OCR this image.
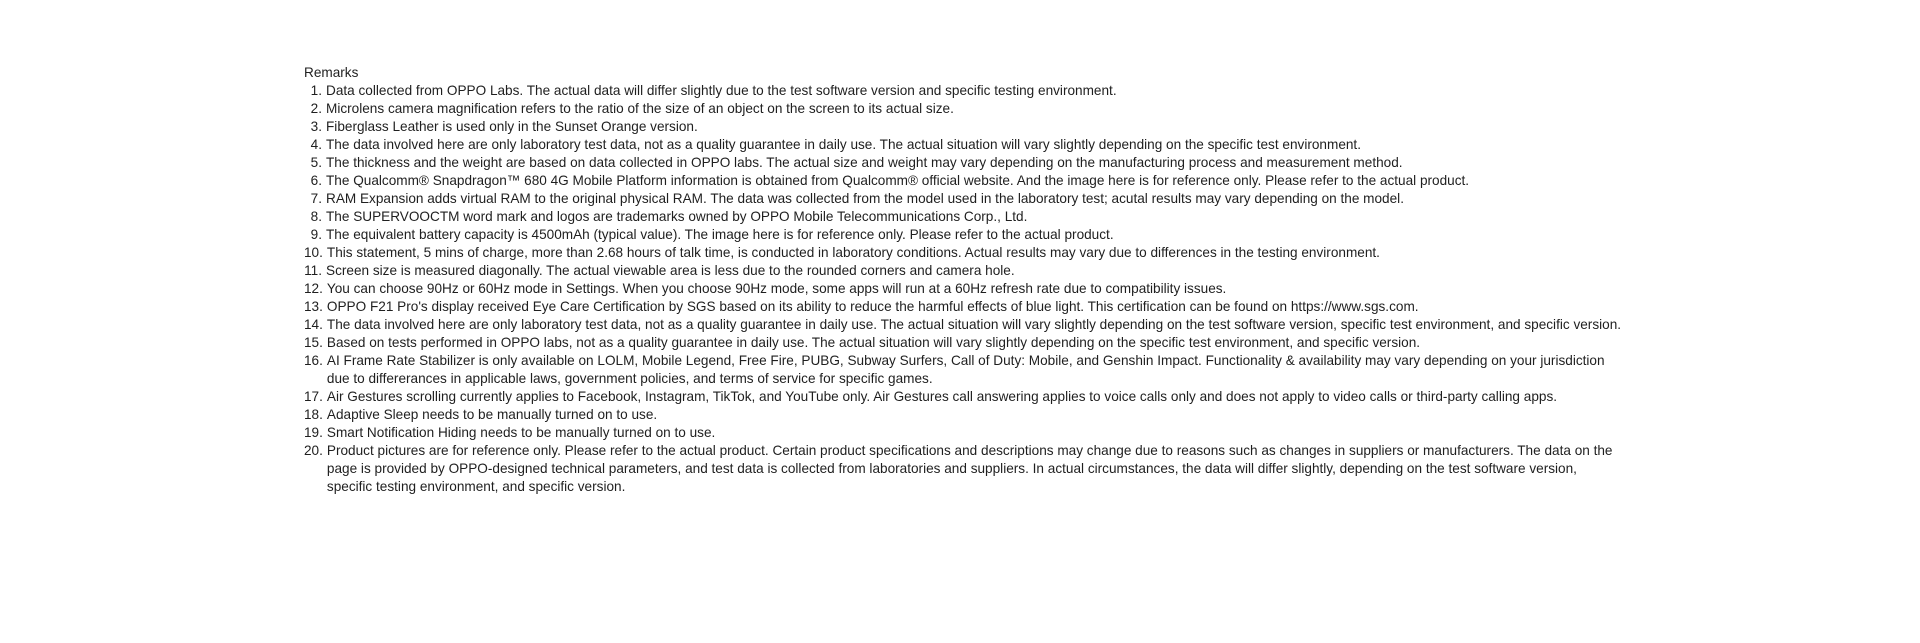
Remarks
1. Data collected from OPPO Labs. The actual data will differ slightly due to the test software version and specific testing environment.
2. Microlens camera magnification refers to the ratio of the size of an object on the screen to its actual size.
3. Fiberglass Leather is used only in the Sunset Orange version.
4. The data involved here are only laboratory test data, not as a quality guarantee in daily use. The actual situation will vary slightly depending on the specific test environment.
5. The thickness and the weight are based on data collected in OPPO labs. The actual size and weight may vary depending on the manufacturing process and measurement method.
6. The Qualcomm® Snapdragon™ 680 4G Mobile Platform information is obtained from Qualcomm® official website. And the image here is for reference only. Please refer to the actual product.
7. RAM Expansion adds virtual RAM to the original physical RAM. The data was collected from the model used in the laboratory test; acutal results may vary depending on the model.
8. The SUPERVOOCTM word mark and logos are trademarks owned by OPPO Mobile Telecommunications Corp., Ltd.
9. The equivalent battery capacity is 4500mAh (typical value). The image here is for reference only. Please refer to the actual product.
10. This statement, 5 mins of charge, more than 2.68 hours of talk time, is conducted in laboratory conditions. Actual results may vary due to differences in the testing environment.
11. Screen size is measured diagonally. The actual viewable area is less due to the rounded corners and camera hole.
12. You can choose 90Hz or 60Hz mode in Settings. When you choose 90Hz mode, some apps will run at a 60Hz refresh rate due to compatibility issues.
13. OPPO F21 Pro's display received Eye Care Certification by SGS based on its ability to reduce the harmful effects of blue light. This certification can be found on https://www.sgs.com.
14. The data involved here are only laboratory test data, not as a quality guarantee in daily use. The actual situation will vary slightly depending on the test software version, specific test environment, and specific version.
15. Based on tests performed in OPPO labs, not as a quality guarantee in daily use. The actual situation will vary slightly depending on the specific test environment, and specific version.
16. AI Frame Rate Stabilizer is only available on LOLM, Mobile Legend, Free Fire, PUBG, Subway Surfers, Call of Duty: Mobile, and Genshin Impact. Functionality & availability may vary depending on your jurisdiction due to differerances in applicable laws, government policies, and terms of service for specific games.
17. Air Gestures scrolling currently applies to Facebook, Instagram, TikTok, and YouTube only. Air Gestures call answering applies to voice calls only and does not apply to video calls or third-party calling apps.
18. Adaptive Sleep needs to be manually turned on to use.
19. Smart Notification Hiding needs to be manually turned on to use.
20. Product pictures are for reference only. Please refer to the actual product. Certain product specifications and descriptions may change due to reasons such as changes in suppliers or manufacturers. The data on the page is provided by OPPO-designed technical parameters, and test data is collected from laboratories and suppliers. In actual circumstances, the data will differ slightly, depending on the test software version, specific testing environment, and specific version.
